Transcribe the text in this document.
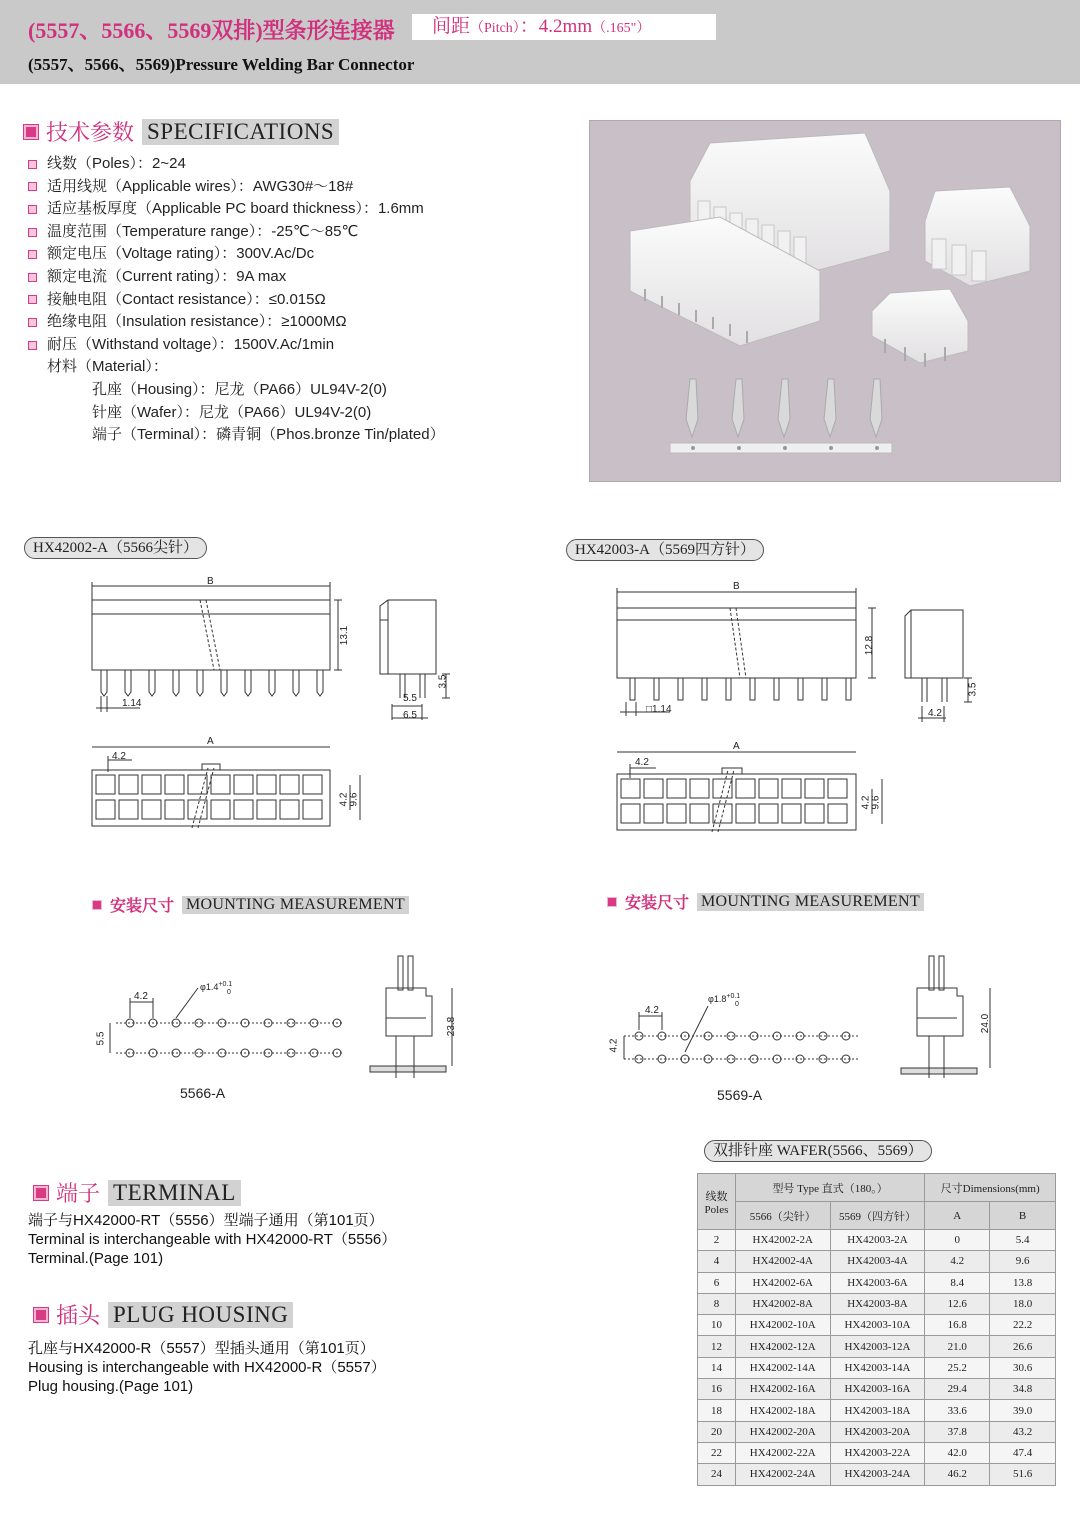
(5557、5566、5569双排)型条形连接器	间距（Pitch）：4.2mm（.165"）
(5557、5566、5569)Pressure Welding Bar Connector
技术参数 SPECIFICATIONS
线数（Poles）：2~24
适用线规（Applicable wires）：AWG30#～18#
适应基板厚度（Applicable PC board thickness）：1.6mm
温度范围（Temperature range）：-25℃～85℃
额定电压（Voltage rating）：300V.Ac/Dc
额定电流（Current rating）：9A max
接触电阻（Contact resistance）：≤0.015Ω
绝缘电阻（Insulation resistance）：≥1000MΩ
耐压（Withstand voltage）：1500V.Ac/1min
材料（Material）：
孔座（Housing）：尼龙（PA66）UL94V-2(0)
针座（Wafer）：尼龙（PA66）UL94V-2(0)
端子（Terminal）：磷青铜（Phos.bronze Tin/plated）
HX42002-A（5566尖针）	HX42003-A（5569四方针）
B
13.1
3.5
1.14	5.5
6.5
A
4.2
4.2 9.6
B
12.8
3.5
□1.14	4.2
A
4.2
4.2 9.6
安装尺寸 MOUNTING MEASUREMENT	安装尺寸 MOUNTING MEASUREMENT
$\varphi 1.4^{+0.1}$
0
4.2
5.5
23.8
5566-A
$\varphi 1.8^{+0.1}$
0
4.2
4.2
24.0
5569-A
端子 TERMINAL
端子与HX42000-RT（5556）型端子通用（第101页）
Terminal is interchangeable with HX42000-RT（5556）
Terminal.(Page 101)
插头 PLUG HOUSING
孔座与HX42000-R（5557）型插头通用（第101页）
Housing is interchangeable with HX42000-R（5557）
Plug housing.(Page 101)
双排针座 WAFER(5566、5569）
线数
Poles	型号 Type 直式（180。）		尺寸Dimensions(mm)	
	5566（尖针）	5569（四方针）	A	B
2	HX42002-2A	HX42003-2A	0	5.4
4	HX42002-4A	HX42003-4A	4.2	9.6
6	HX42002-6A	HX42003-6A	8.4	13.8
8	HX42002-8A	HX42003-8A	12.6	18.0
10	HX42002-10A	HX42003-10A	16.8	22.2
12	HX42002-12A	HX42003-12A	21.0	26.6
14	HX42002-14A	HX42003-14A	25.2	30.6
16	HX42002-16A	HX42003-16A	29.4	34.8
18	HX42002-18A	HX42003-18A	33.6	39.0
20	HX42002-20A	HX42003-20A	37.8	43.2
22	HX42002-22A	HX42003-22A	42.0	47.4
24	HX42002-24A	HX42003-24A	46.2	51.6
